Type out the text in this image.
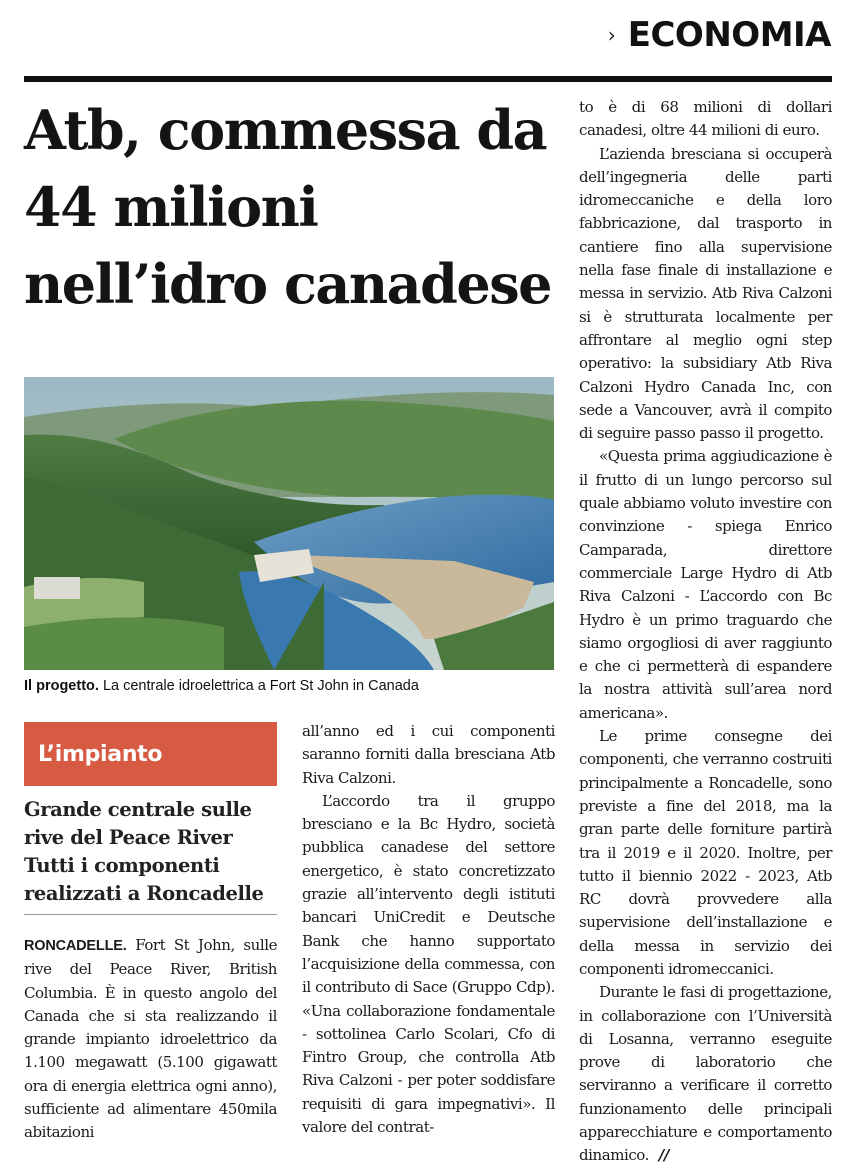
› ECONOMIA
Atb, commessa da 44 milioni nell’idro canadese
Il progetto. La centrale idroelettrica a Fort St John in Canada
L’impianto
Grande centrale sulle rive del Peace River Tutti i componenti realizzati a Roncadelle

RONCADELLE. Fort St John, sulle rive del Peace River, British Columbia. È in questo angolo del Canada che si sta realizzando il grande impianto idroelettrico da 1.100 megawatt (5.100 gigawatt ora di energia elettrica ogni anno), sufficiente ad alimentare 450mila abitazioni

all’anno ed i cui componenti saranno forniti dalla bresciana Atb Riva Calzoni.

L’accordo tra il gruppo bresciano e la Bc Hydro, società pubblica canadese del settore energetico, è stato concretizzato grazie all’intervento degli istituti bancari UniCredit e Deutsche Bank che hanno supportato l’acquisizione della commessa, con il contributo di Sace (Gruppo Cdp). «Una collaborazione fondamentale - sottolinea Carlo Scolari, Cfo di Fintro Group, che controlla Atb Riva Calzoni - per poter soddisfare requisiti di gara impegnativi». Il valore del contrat-

to è di 68 milioni di dollari canadesi, oltre 44 milioni di euro.

L’azienda bresciana si occuperà dell’ingegneria delle parti idromeccaniche e della loro fabbricazione, dal trasporto in cantiere fino alla supervisione nella fase finale di installazione e messa in servizio. Atb Riva Calzoni si è strutturata localmente per affrontare al meglio ogni step operativo: la subsidiary Atb Riva Calzoni Hydro Canada Inc, con sede a Vancouver, avrà il compito di seguire passo passo il progetto.

«Questa prima aggiudicazione è il frutto di un lungo percorso sul quale abbiamo voluto investire con convinzione - spiega Enrico Camparada, direttore commerciale Large Hydro di Atb Riva Calzoni - L’accordo con Bc Hydro è un primo traguardo che siamo orgogliosi di aver raggiunto e che ci permetterà di espandere la nostra attività sull’area nord americana».

Le prime consegne dei componenti, che verranno costruiti principalmente a Roncadelle, sono previste a fine del 2018, ma la gran parte delle forniture partirà tra il 2019 e il 2020. Inoltre, per tutto il biennio 2022 - 2023, Atb RC dovrà provvedere alla supervisione dell’installazione e della messa in servizio dei componenti idromeccanici.

Durante le fasi di progettazione, in collaborazione con l’Università di Losanna, verranno eseguite prove di laboratorio che serviranno a verificare il corretto funzionamento delle principali apparecchiature e comportamento dinamico. //
